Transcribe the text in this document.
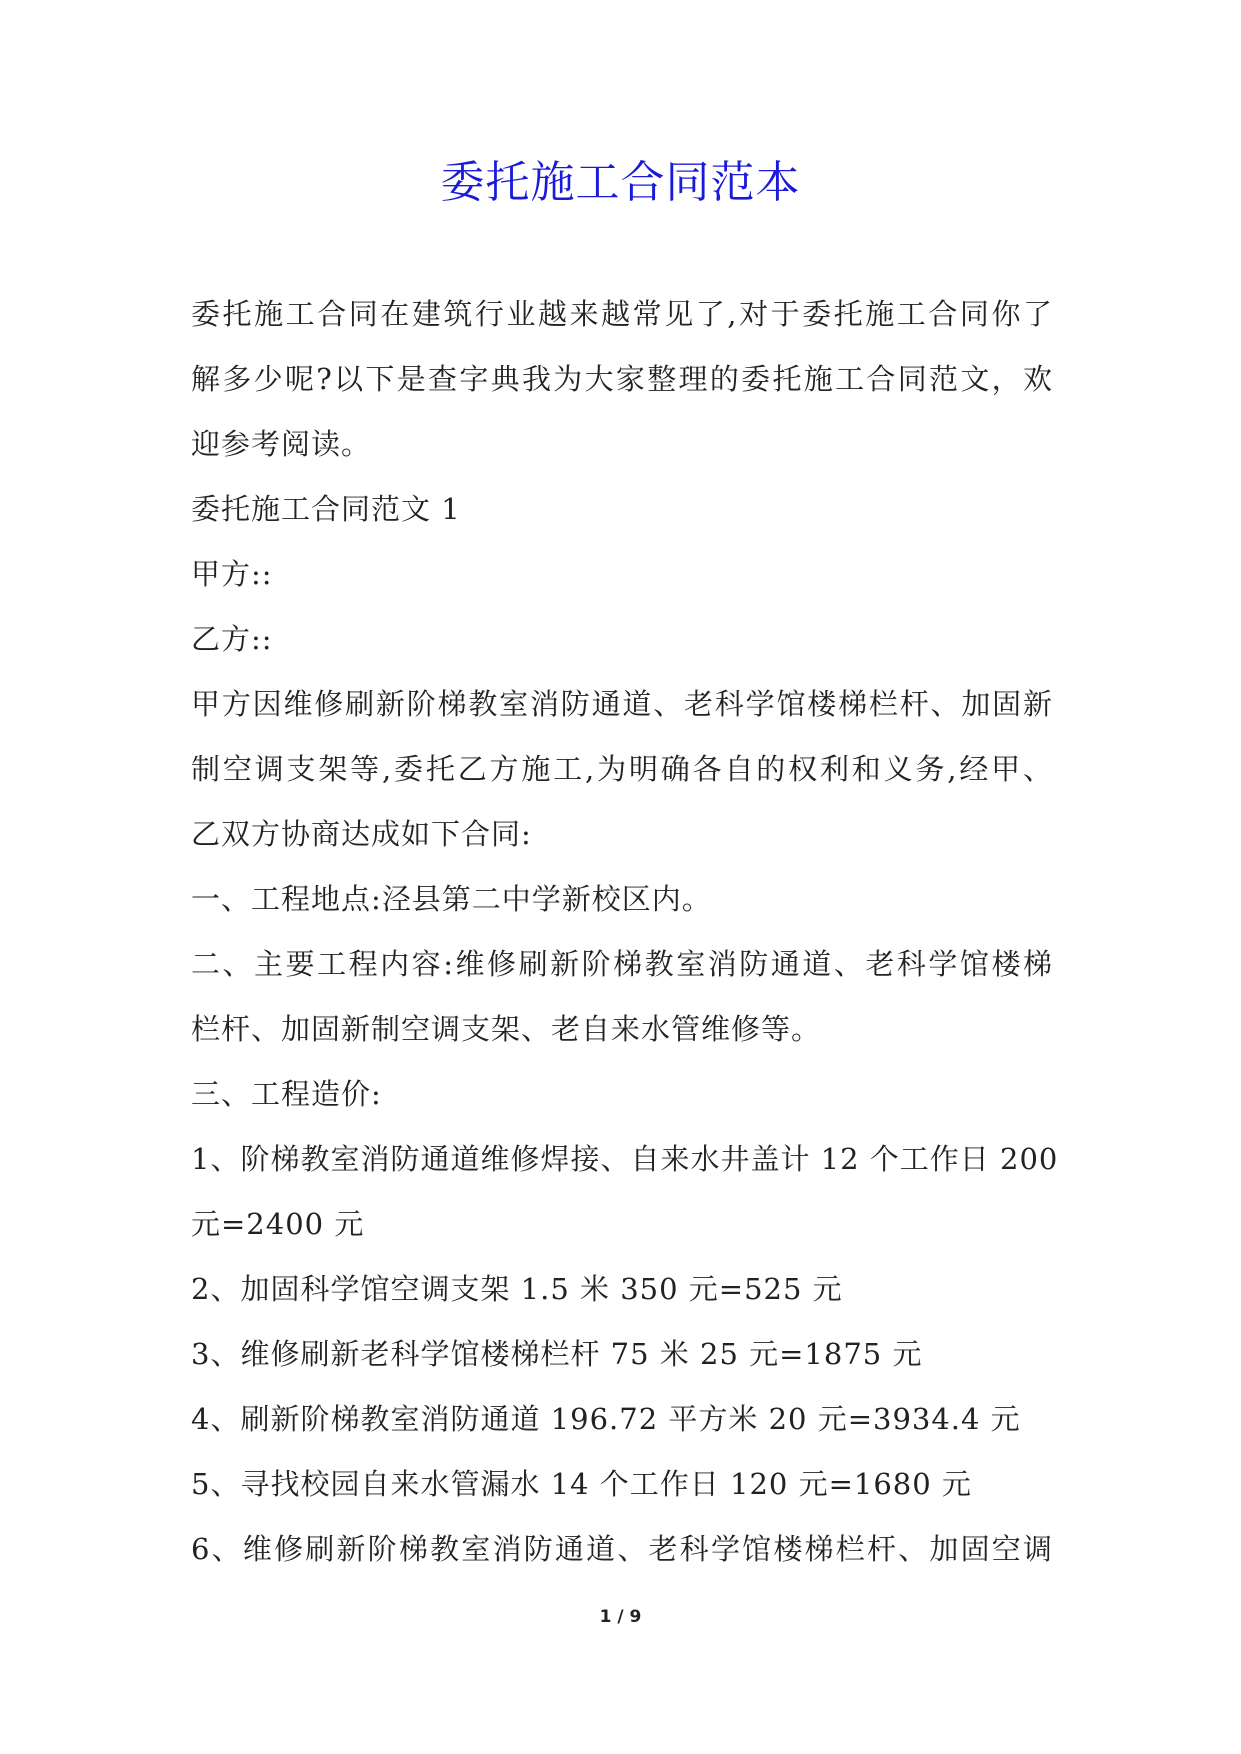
委托施工合同范本
委托施工合同在建筑行业越来越常见了,对于委托施工合同你了
解多少呢?以下是查字典我为大家整理的委托施工合同范文，欢
迎参考阅读。
委托施工合同范文 1
甲方::
乙方::
甲方因维修刷新阶梯教室消防通道、老科学馆楼梯栏杆、加固新
制空调支架等,委托乙方施工,为明确各自的权利和义务,经甲、
乙双方协商达成如下合同:
一、工程地点:泾县第二中学新校区内。
二、主要工程内容:维修刷新阶梯教室消防通道、老科学馆楼梯
栏杆、加固新制空调支架、老自来水管维修等。
三、工程造价:
1、阶梯教室消防通道维修焊接、自来水井盖计 12 个工作日 200
元=2400 元
2、加固科学馆空调支架 1.5 米 350 元=525 元
3、维修刷新老科学馆楼梯栏杆 75 米 25 元=1875 元
4、刷新阶梯教室消防通道 196.72 平方米 20 元=3934.4 元
5、寻找校园自来水管漏水 14 个工作日 120 元=1680 元
6、维修刷新阶梯教室消防通道、老科学馆楼梯栏杆、加固空调
1 / 9
